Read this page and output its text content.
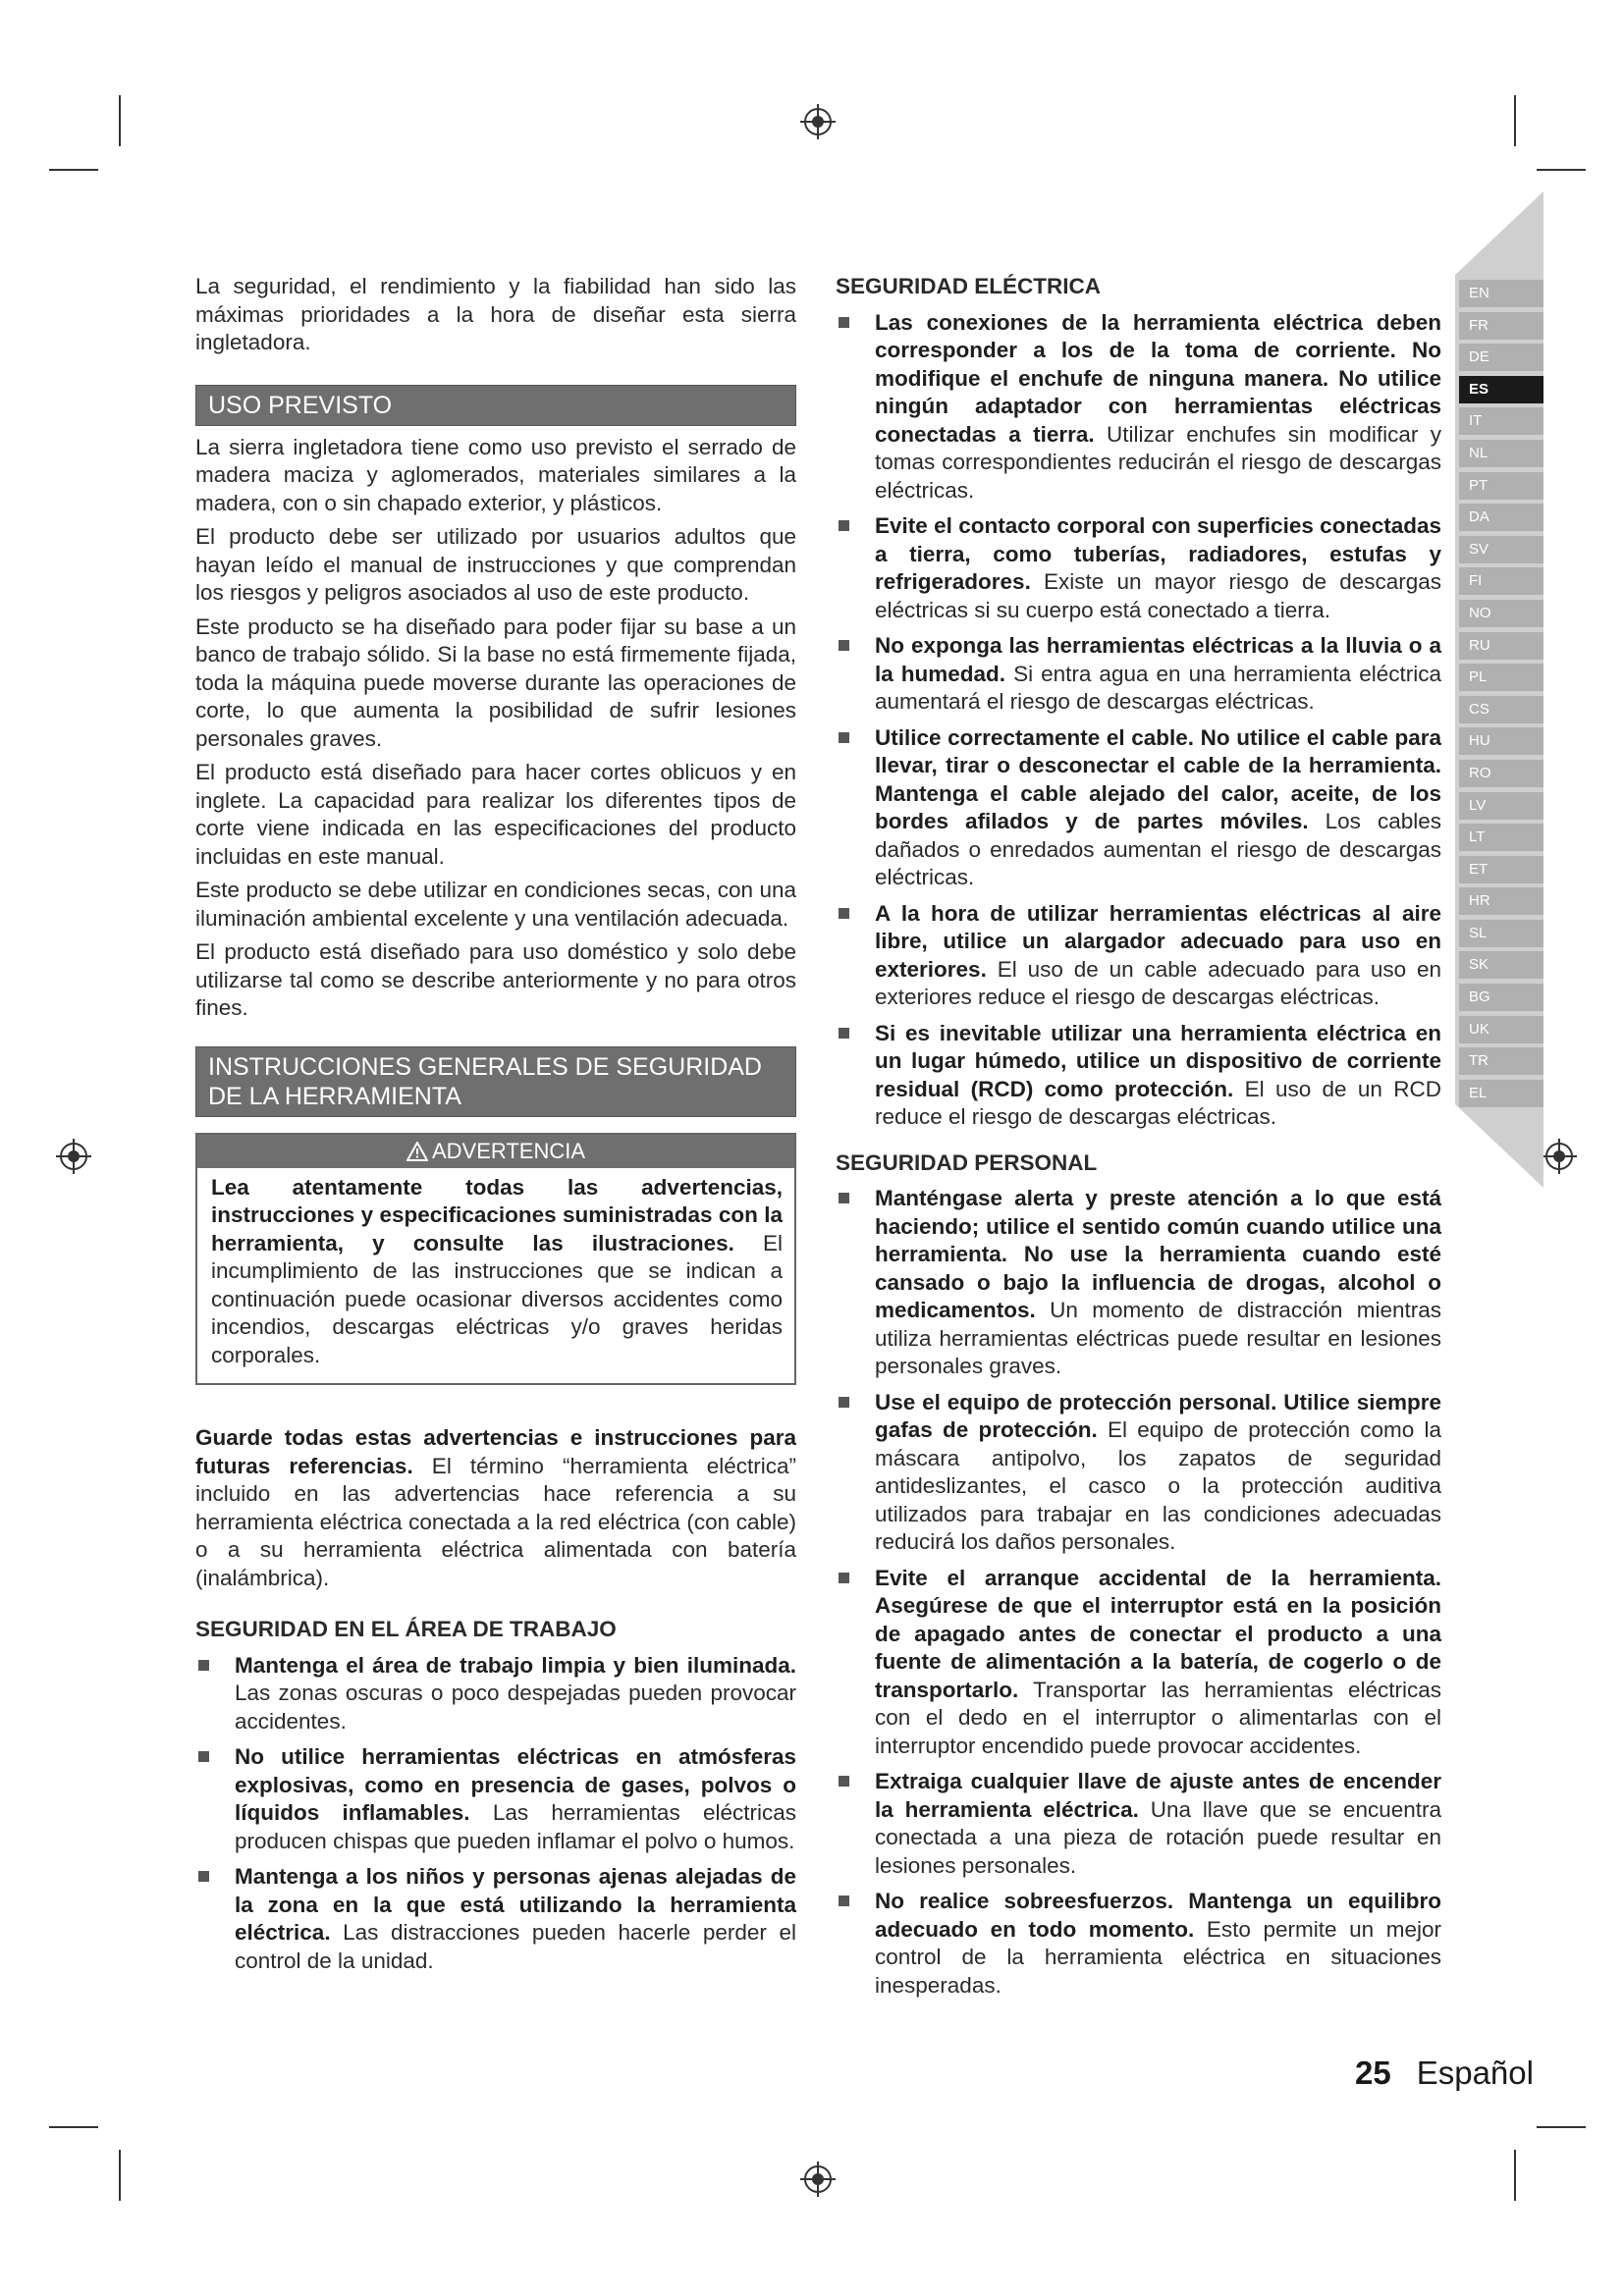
EN
FR
DE
ES
IT
NL
PT
DA
SV
FI
NO
RU
PL
CS
HU
RO
LV
LT
ET
HR
SL
SK
BG
UK
TR
EL

La seguridad, el rendimiento y la fiabilidad han sido las máximas prioridades a la hora de diseñar esta sierra ingletadora.

USO PREVISTO

La sierra ingletadora tiene como uso previsto el serrado de madera maciza y aglomerados, materiales similares a la madera, con o sin chapado exterior, y plásticos.

El producto debe ser utilizado por usuarios adultos que hayan leído el manual de instrucciones y que comprendan los riesgos y peligros asociados al uso de este producto.

Este producto se ha diseñado para poder fijar su base a un banco de trabajo sólido. Si la base no está firmemente fijada, toda la máquina puede moverse durante las operaciones de corte, lo que aumenta la posibilidad de sufrir lesiones personales graves.

El producto está diseñado para hacer cortes oblicuos y en inglete. La capacidad para realizar los diferentes tipos de corte viene indicada en las especificaciones del producto incluidas en este manual.

Este producto se debe utilizar en condiciones secas, con una iluminación ambiental excelente y una ventilación adecuada.

El producto está diseñado para uso doméstico y solo debe utilizarse tal como se describe anteriormente y no para otros fines.

INSTRUCCIONES GENERALES DE SEGURIDAD DE LA HERRAMIENTA
ADVERTENCIA

Lea atentamente todas las advertencias, instrucciones y especificaciones suministradas con la herramienta, y consulte las ilustraciones. El incumplimiento de las instrucciones que se indican a continuación puede ocasionar diversos accidentes como incendios, descargas eléctricas y/o graves heridas corporales.

Guarde todas estas advertencias e instrucciones para futuras referencias. El término “herramienta eléctrica” incluido en las advertencias hace referencia a su herramienta eléctrica conectada a la red eléctrica (con cable) o a su herramienta eléctrica alimentada con batería (inalámbrica).

SEGURIDAD EN EL ÁREA DE TRABAJO
Mantenga el área de trabajo limpia y bien iluminada. Las zonas oscuras o poco despejadas pueden provocar accidentes.
No utilice herramientas eléctricas en atmósferas explosivas, como en presencia de gases, polvos o líquidos inflamables. Las herramientas eléctricas producen chispas que pueden inflamar el polvo o humos.
Mantenga a los niños y personas ajenas alejadas de la zona en la que está utilizando la herramienta eléctrica. Las distracciones pueden hacerle perder el control de la unidad.
SEGURIDAD ELÉCTRICA
Las conexiones de la herramienta eléctrica deben corresponder a los de la toma de corriente. No modifique el enchufe de ninguna manera. No utilice ningún adaptador con herramientas eléctricas conectadas a tierra. Utilizar enchufes sin modificar y tomas correspondientes reducirán el riesgo de descargas eléctricas.
Evite el contacto corporal con superficies conectadas a tierra, como tuberías, radiadores, estufas y refrigeradores. Existe un mayor riesgo de descargas eléctricas si su cuerpo está conectado a tierra.
No exponga las herramientas eléctricas a la lluvia o a la humedad. Si entra agua en una herramienta eléctrica aumentará el riesgo de descargas eléctricas.
Utilice correctamente el cable. No utilice el cable para llevar, tirar o desconectar el cable de la herramienta. Mantenga el cable alejado del calor, aceite, de los bordes afilados y de partes móviles. Los cables dañados o enredados aumentan el riesgo de descargas eléctricas.
A la hora de utilizar herramientas eléctricas al aire libre, utilice un alargador adecuado para uso en exteriores. El uso de un cable adecuado para uso en exteriores reduce el riesgo de descargas eléctricas.
Si es inevitable utilizar una herramienta eléctrica en un lugar húmedo, utilice un dispositivo de corriente residual (RCD) como protección. El uso de un RCD reduce el riesgo de descargas eléctricas.
SEGURIDAD PERSONAL
Manténgase alerta y preste atención a lo que está haciendo; utilice el sentido común cuando utilice una herramienta. No use la herramienta cuando esté cansado o bajo la influencia de drogas, alcohol o medicamentos. Un momento de distracción mientras utiliza herramientas eléctricas puede resultar en lesiones personales graves.
Use el equipo de protección personal. Utilice siempre gafas de protección. El equipo de protección como la máscara antipolvo, los zapatos de seguridad antideslizantes, el casco o la protección auditiva utilizados para trabajar en las condiciones adecuadas reducirá los daños personales.
Evite el arranque accidental de la herramienta. Asegúrese de que el interruptor está en la posición de apagado antes de conectar el producto a una fuente de alimentación a la batería, de cogerlo o de transportarlo. Transportar las herramientas eléctricas con el dedo en el interruptor o alimentarlas con el interruptor encendido puede provocar accidentes.
Extraiga cualquier llave de ajuste antes de encender la herramienta eléctrica. Una llave que se encuentra conectada a una pieza de rotación puede resultar en lesiones personales.
No realice sobreesfuerzos. Mantenga un equilibro adecuado en todo momento. Esto permite un mejor control de la herramienta eléctrica en situaciones inesperadas.
25 Español
